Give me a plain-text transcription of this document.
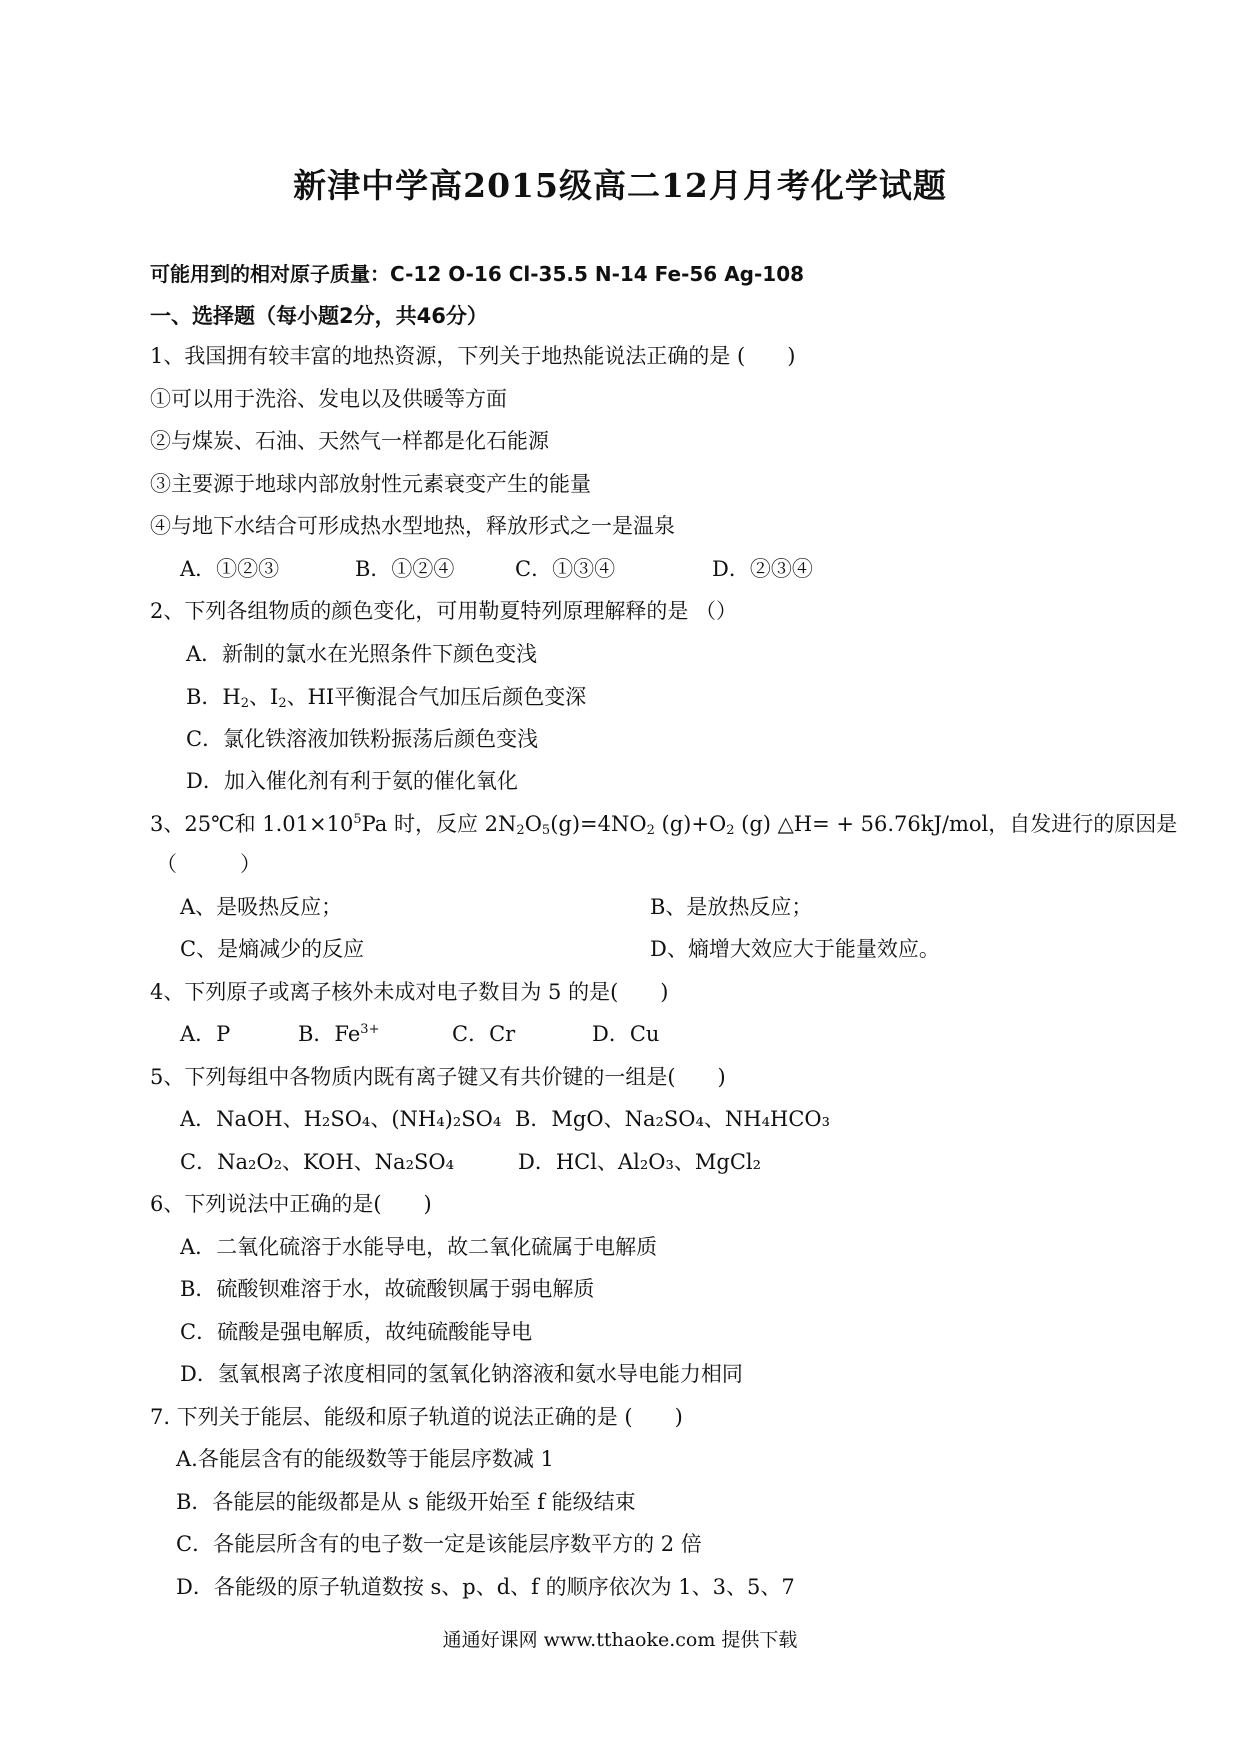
新津中学高2015级高二12月月考化学试题
可能用到的相对原子质量：C-12 O-16 Cl-35.5 N-14 Fe-56 Ag-108
一、选择题（每小题2分，共46分）
1、我国拥有较丰富的地热资源，下列关于地热能说法正确的是 (　　)
①可以用于洗浴、发电以及供暖等方面
②与煤炭、石油、天然气一样都是化石能源
③主要源于地球内部放射性元素衰变产生的能量
④与地下水结合可形成热水型地热，释放形式之一是温泉
A．①②③	B．①②④	C．①③④	D．②③④
2、下列各组物质的颜色变化，可用勒夏特列原理解释的是 （）
A．新制的氯水在光照条件下颜色变浅
B．$H_2$、$I_2$、HI平衡混合气加压后颜色变深
C．氯化铁溶液加铁粉振荡后颜色变浅
D．加入催化剂有利于氨的催化氧化
3、25℃和 $1.01\times 10^5Pa$ 时，反应 $2N_2O_5(g)=4NO_2$ $(g)+O_2$ (g) △H= + 56.76kJ/mol，自发进行的原因是
（　　　）
A、是吸热反应；	B、是放热反应；
C、是熵减少的反应	D、熵增大效应大于能量效应。
4、下列原子或离子核外未成对电子数目为 5 的是(　　)
A．P	B．$Fe^{3+}$	C．Cr	D．Cu
5、下列每组中各物质内既有离子键又有共价键的一组是(　　)
A．NaOH、H₂SO₄、(NH₄)₂SO₄ B．MgO、Na₂SO₄、NH₄HCO₃
C．Na₂O₂、KOH、Na₂SO₄	D．HCl、Al₂O₃、MgCl₂
6、下列说法中正确的是(　　)
A．二氧化硫溶于水能导电，故二氧化硫属于电解质
B．硫酸钡难溶于水，故硫酸钡属于弱电解质
C．硫酸是强电解质，故纯硫酸能导电
D．氢氧根离子浓度相同的氢氧化钠溶液和氨水导电能力相同
7. 下列关于能层、能级和原子轨道的说法正确的是 (　　)
A.各能层含有的能级数等于能层序数减 1
B．各能层的能级都是从 s 能级开始至 f 能级结束
C．各能层所含有的电子数一定是该能层序数平方的 2 倍
D．各能级的原子轨道数按 s、p、d、f 的顺序依次为 1、3、5、7
通通好课网 www.tthaoke.com 提供下载
